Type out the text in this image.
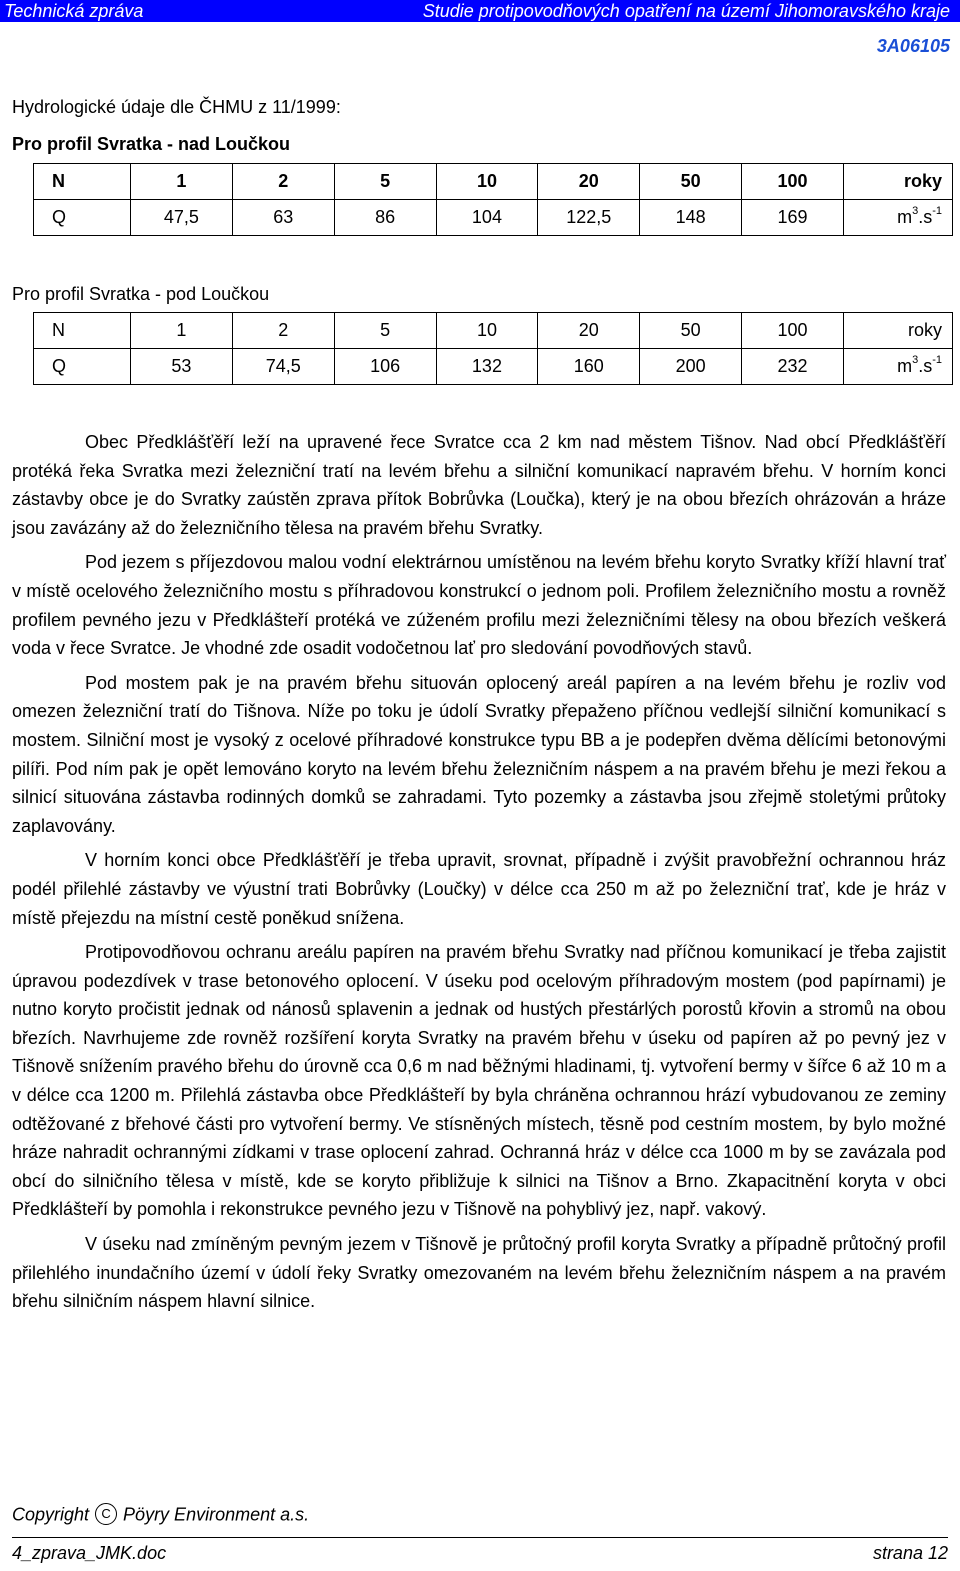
Technická zpráva	Studie protipovodňových opatření na území Jihomoravského kraje
3A06105
Hydrologické údaje dle ČHMU z 11/1999:
Pro profil Svratka - nad Loučkou
N	1	2	5	10	20	50	100	roky
Q	47,5	63	86	104	122,5	148	169	$m^3.s^{-1}$
Pro profil Svratka - pod Loučkou
N	1	2	5	10	20	50	100	roky
Q	53	74,5	106	132	160	200	232	$m^3.s^{-1}$

Obec Předklášťěří leží na upravené řece Svratce cca 2 km nad městem Tišnov. Nad obcí Předklášťěří protéká řeka Svratka mezi železniční tratí na levém břehu a silniční komunikací napravém břehu. V horním konci zástavby obce je do Svratky zaústěn zprava přítok Bobrůvka (Loučka), který je na obou březích ohrázován a hráze jsou zavázány až do železničního tělesa na pravém břehu Svratky.

Pod jezem s příjezdovou malou vodní elektrárnou umístěnou na levém břehu koryto Svratky kříží hlavní trať v místě ocelového železničního mostu s příhradovou konstrukcí o jednom poli. Profilem železničního mostu a rovněž profilem pevného jezu v Předklášteří protéká ve zúženém profilu mezi železničními tělesy na obou březích veškerá voda v řece Svratce. Je vhodné zde osadit vodočetnou lať pro sledování povodňových stavů.

Pod mostem pak je na pravém břehu situován oplocený areál papíren a na levém břehu je rozliv vod omezen železniční tratí do Tišnova. Níže po toku je údolí Svratky přepaženo příčnou vedlejší silniční komunikací s mostem. Silniční most je vysoký z ocelové příhradové konstrukce typu BB a je podepřen dvěma dělícími betonovými pilíři. Pod ním pak je opět lemováno koryto na levém břehu železničním náspem a na pravém břehu je mezi řekou a silnicí situována zástavba rodinných domků se zahradami. Tyto pozemky a zástavba jsou zřejmě stoletými průtoky zaplavovány.

V horním konci obce Předklášťěří je třeba upravit, srovnat, případně i zvýšit pravobřežní ochrannou hráz podél přilehlé zástavby ve výustní trati Bobrůvky (Loučky) v délce cca 250 m až po železniční trať, kde je hráz v místě přejezdu na místní cestě poněkud snížena.

Protipovodňovou ochranu areálu papíren na pravém břehu Svratky nad příčnou komunikací je třeba zajistit úpravou podezdívek v trase betonového oplocení. V úseku pod ocelovým příhradovým mostem (pod papírnami) je nutno koryto pročistit jednak od nánosů splavenin a jednak od hustých přestárlých porostů křovin a stromů na obou březích. Navrhujeme zde rovněž rozšíření koryta Svratky na pravém břehu v úseku od papíren až po pevný jez v Tišnově snížením pravého břehu do úrovně cca 0,6 m nad běžnými hladinami, tj. vytvoření bermy v šířce 6 až 10 m a v délce cca 1200 m. Přilehlá zástavba obce Předklášteří by byla chráněna ochrannou hrází vybudovanou ze zeminy odtěžované z břehové části pro vytvoření bermy. Ve stísněných místech, těsně pod cestním mostem, by bylo možné hráze nahradit ochrannými zídkami v trase oplocení zahrad. Ochranná hráz v délce cca 1000 m by se zavázala pod obcí do silničního tělesa v místě, kde se koryto přibližuje k silnici na Tišnov a Brno. Zkapacitnění koryta v obci Předklášteří by pomohla i rekonstrukce pevného jezu v Tišnově na pohyblivý jez, např. vakový.

V úseku nad zmíněným pevným jezem v Tišnově je průtočný profil koryta Svratky a případně průtočný profil přilehlého inundačního území v údolí řeky Svratky omezovaném na levém břehu železničním náspem a na pravém břehu silničním náspem hlavní silnice.

Copyright C Pöyry Environment a.s.
4_zprava_JMK.doc	strana 12
